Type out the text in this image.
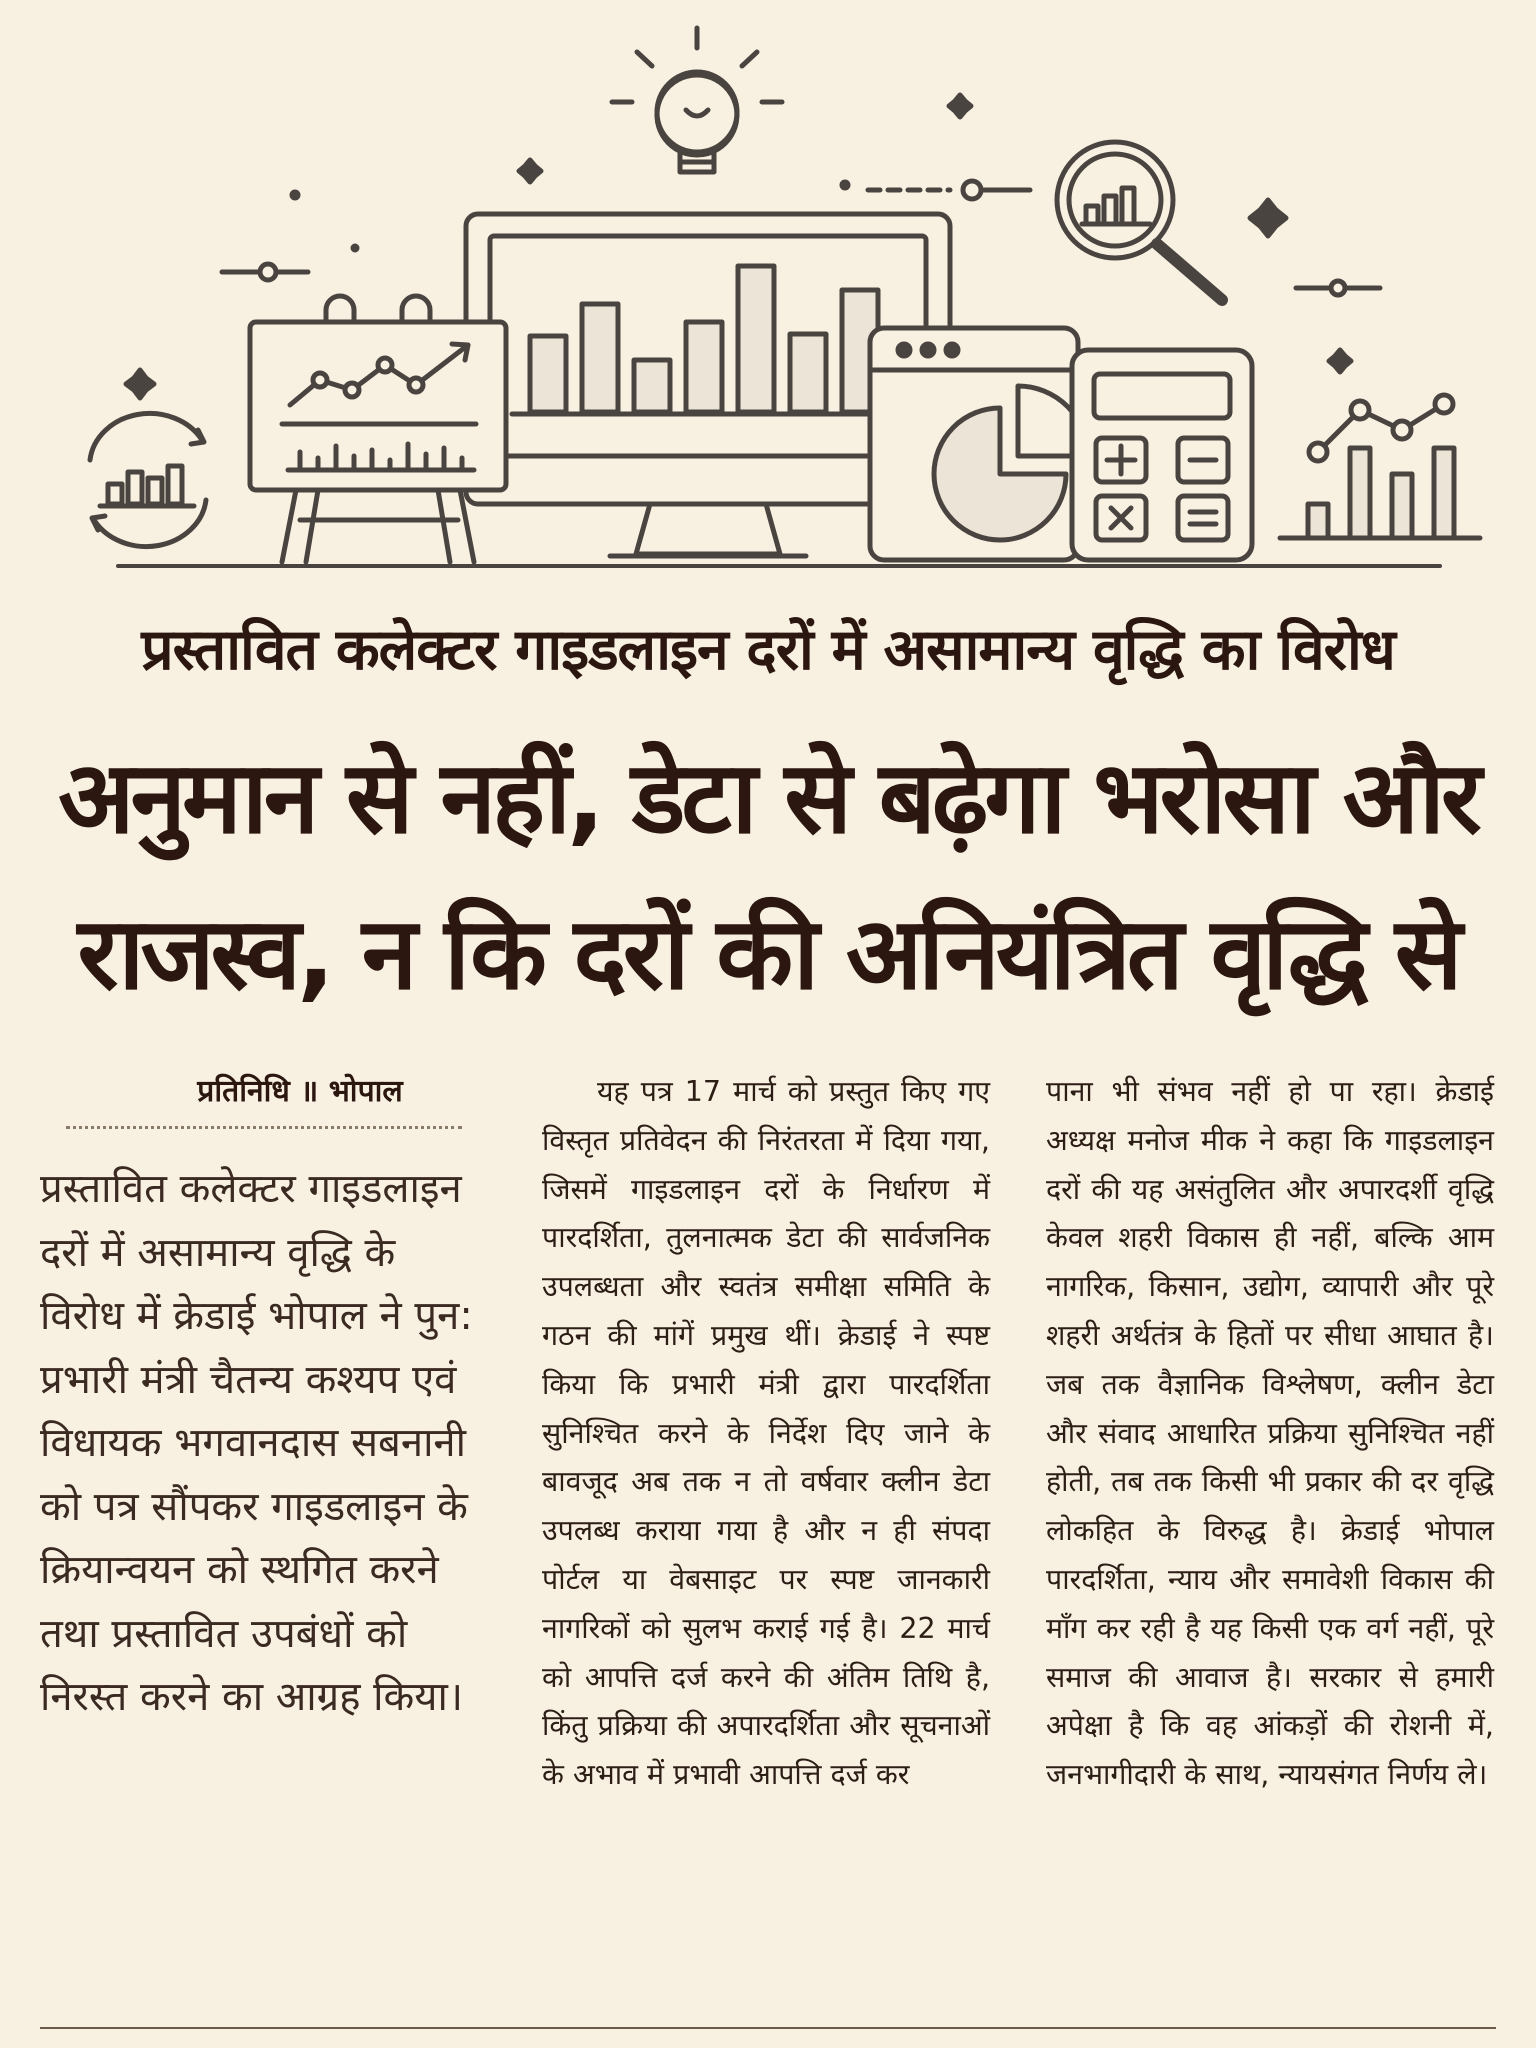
प्रस्तावित कलेक्टर गाइडलाइन दरों में असामान्य वृद्धि का विरोध
अनुमान से नहीं, डेटा से बढ़ेगा भरोसा और
राजस्व, न कि दरों की अनियंत्रित वृद्धि से
प्रतिनिधि ॥ भोपाल
प्रस्तावित कलेक्टर गाइडलाइन दरों में असामान्य वृद्धि के विरोध में क्रेडाई भोपाल ने पुन: प्रभारी मंत्री चैतन्य कश्यप एवं विधायक भगवानदास सबनानी को पत्र सौंपकर गाइडलाइन के क्रियान्वयन को स्थगित करने तथा प्रस्तावित उपबंधों को निरस्त करने का आग्रह किया।
यह पत्र 17 मार्च को प्रस्तुत किए गए विस्तृत प्रतिवेदन की निरंतरता में दिया गया, जिसमें गाइडलाइन दरों के निर्धारण में पारदर्शिता, तुलनात्मक डेटा की सार्वजनिक उपलब्धता और स्वतंत्र समीक्षा समिति के गठन की मांगें प्रमुख थीं। क्रेडाई ने स्पष्ट किया कि प्रभारी मंत्री द्वारा पारदर्शिता सुनिश्चित करने के निर्देश दिए जाने के बावजूद अब तक न तो वर्षवार क्लीन डेटा उपलब्ध कराया गया है और न ही संपदा पोर्टल या वेबसाइट पर स्पष्ट जानकारी नागरिकों को सुलभ कराई गई है। 22 मार्च को आपत्ति दर्ज करने की अंतिम तिथि है, किंतु प्रक्रिया की अपारदर्शिता और सूचनाओं के अभाव में प्रभावी आपत्ति दर्ज कर
पाना भी संभव नहीं हो पा रहा। क्रेडाई अध्यक्ष मनोज मीक ने कहा कि गाइडलाइन दरों की यह असंतुलित और अपारदर्शी वृद्धि केवल शहरी विकास ही नहीं, बल्कि आम नागरिक, किसान, उद्योग, व्यापारी और पूरे शहरी अर्थतंत्र के हितों पर सीधा आघात है। जब तक वैज्ञानिक विश्लेषण, क्लीन डेटा और संवाद आधारित प्रक्रिया सुनिश्चित नहीं होती, तब तक किसी भी प्रकार की दर वृद्धि लोकहित के विरुद्ध है। क्रेडाई भोपाल पारदर्शिता, न्याय और समावेशी विकास की माँग कर रही है यह किसी एक वर्ग नहीं, पूरे समाज की आवाज है। सरकार से हमारी अपेक्षा है कि वह आंकड़ों की रोशनी में, जनभागीदारी के साथ, न्यायसंगत निर्णय ले।
